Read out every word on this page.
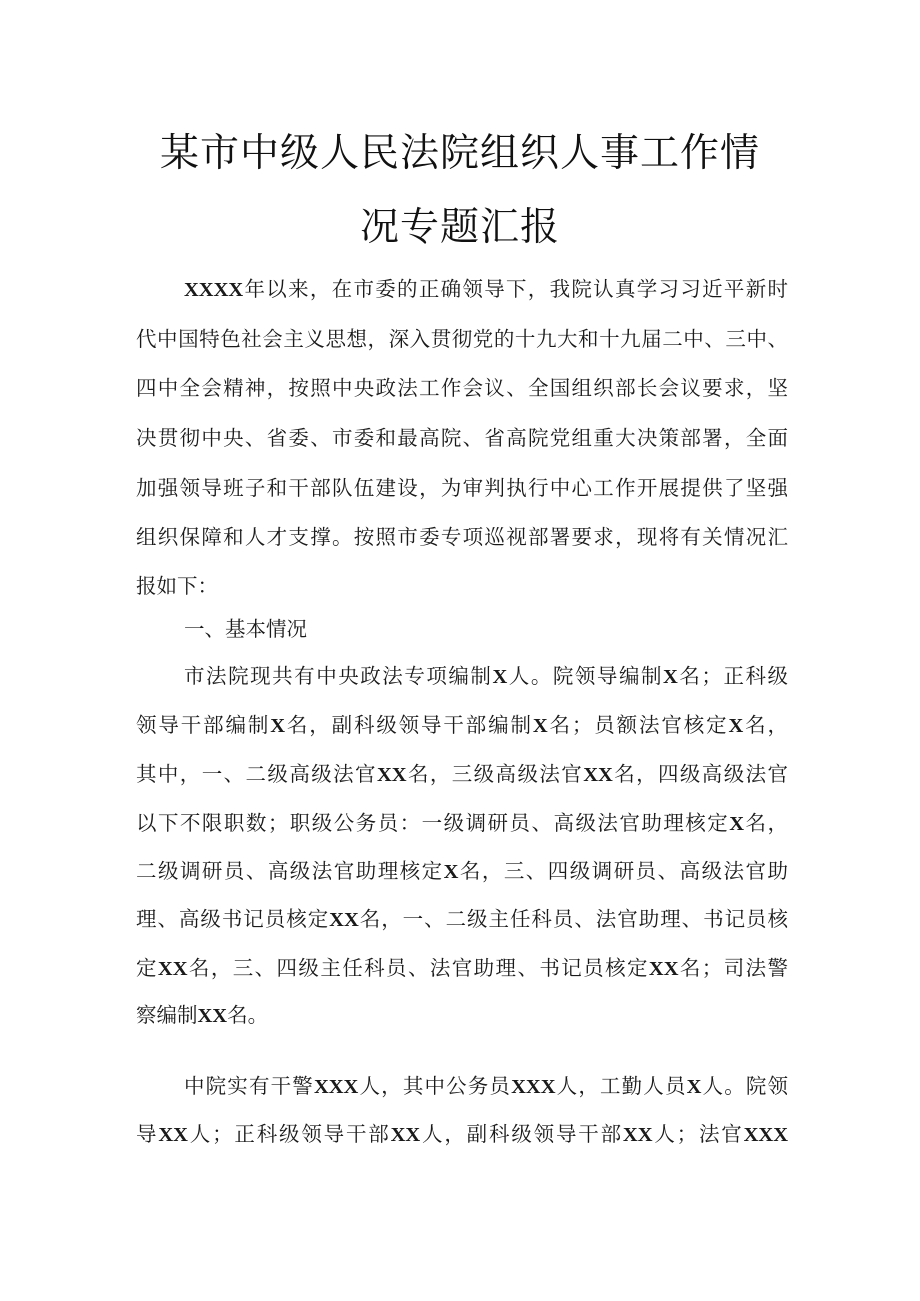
某市中级人民法院组织人事工作情
况专题汇报
XXXX年以来，在市委的正确领导下，我院认真学习习近平新时
代中国特色社会主义思想，深入贯彻党的十九大和十九届二中、三中、
四中全会精神，按照中央政法工作会议、全国组织部长会议要求，坚
决贯彻中央、省委、市委和最高院、省高院党组重大决策部署，全面
加强领导班子和干部队伍建设，为审判执行中心工作开展提供了坚强
组织保障和人才支撑。按照市委专项巡视部署要求，现将有关情况汇
报如下：
一、基本情况
市法院现共有中央政法专项编制X人。院领导编制X名；正科级
领导干部编制X名，副科级领导干部编制X名；员额法官核定X名，
其中，一、二级高级法官XX名，三级高级法官XX名，四级高级法官
以下不限职数；职级公务员：一级调研员、高级法官助理核定X名，
二级调研员、高级法官助理核定X名，三、四级调研员、高级法官助
理、高级书记员核定XX名，一、二级主任科员、法官助理、书记员核
定XX名，三、四级主任科员、法官助理、书记员核定XX名；司法警
察编制XX名。
中院实有干警XXX人，其中公务员XXX人，工勤人员X人。院领
导XX人；正科级领导干部XX人，副科级领导干部XX人；法官XXX
